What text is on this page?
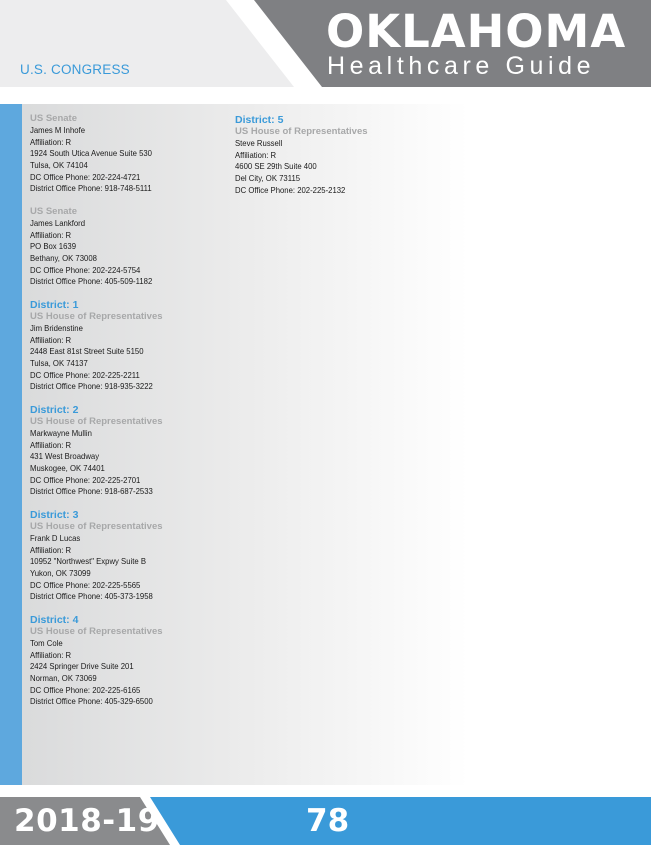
U.S. CONGRESS
OKLAHOMA
Healthcare Guide
US Senate
James M Inhofe
Affiliation: R
1924 South Utica Avenue Suite 530
Tulsa, OK 74104
DC Office Phone: 202-224-4721
District Office Phone: 918-748-5111
US Senate
James Lankford
Affiliation: R
PO Box 1639
Bethany, OK 73008
DC Office Phone: 202-224-5754
District Office Phone: 405-509-1182
District: 1
US House of Representatives
Jim Bridenstine
Affiliation: R
2448 East 81st Street Suite 5150
Tulsa, OK 74137
DC Office Phone: 202-225-2211
District Office Phone: 918-935-3222
District: 2
US House of Representatives
Markwayne Mullin
Affiliation: R
431 West Broadway
Muskogee, OK 74401
DC Office Phone: 202-225-2701
District Office Phone: 918-687-2533
District: 3
US House of Representatives
Frank D Lucas
Affiliation: R
10952 "Northwest" Expwy Suite B
Yukon, OK 73099
DC Office Phone: 202-225-5565
District Office Phone: 405-373-1958
District: 4
US House of Representatives
Tom Cole
Affiliation: R
2424 Springer Drive Suite 201
Norman, OK 73069
DC Office Phone: 202-225-6165
District Office Phone: 405-329-6500
District: 5
US House of Representatives
Steve Russell
Affiliation: R
4600 SE 29th Suite 400
Del City, OK 73115
DC Office Phone: 202-225-2132
2018-19	78
